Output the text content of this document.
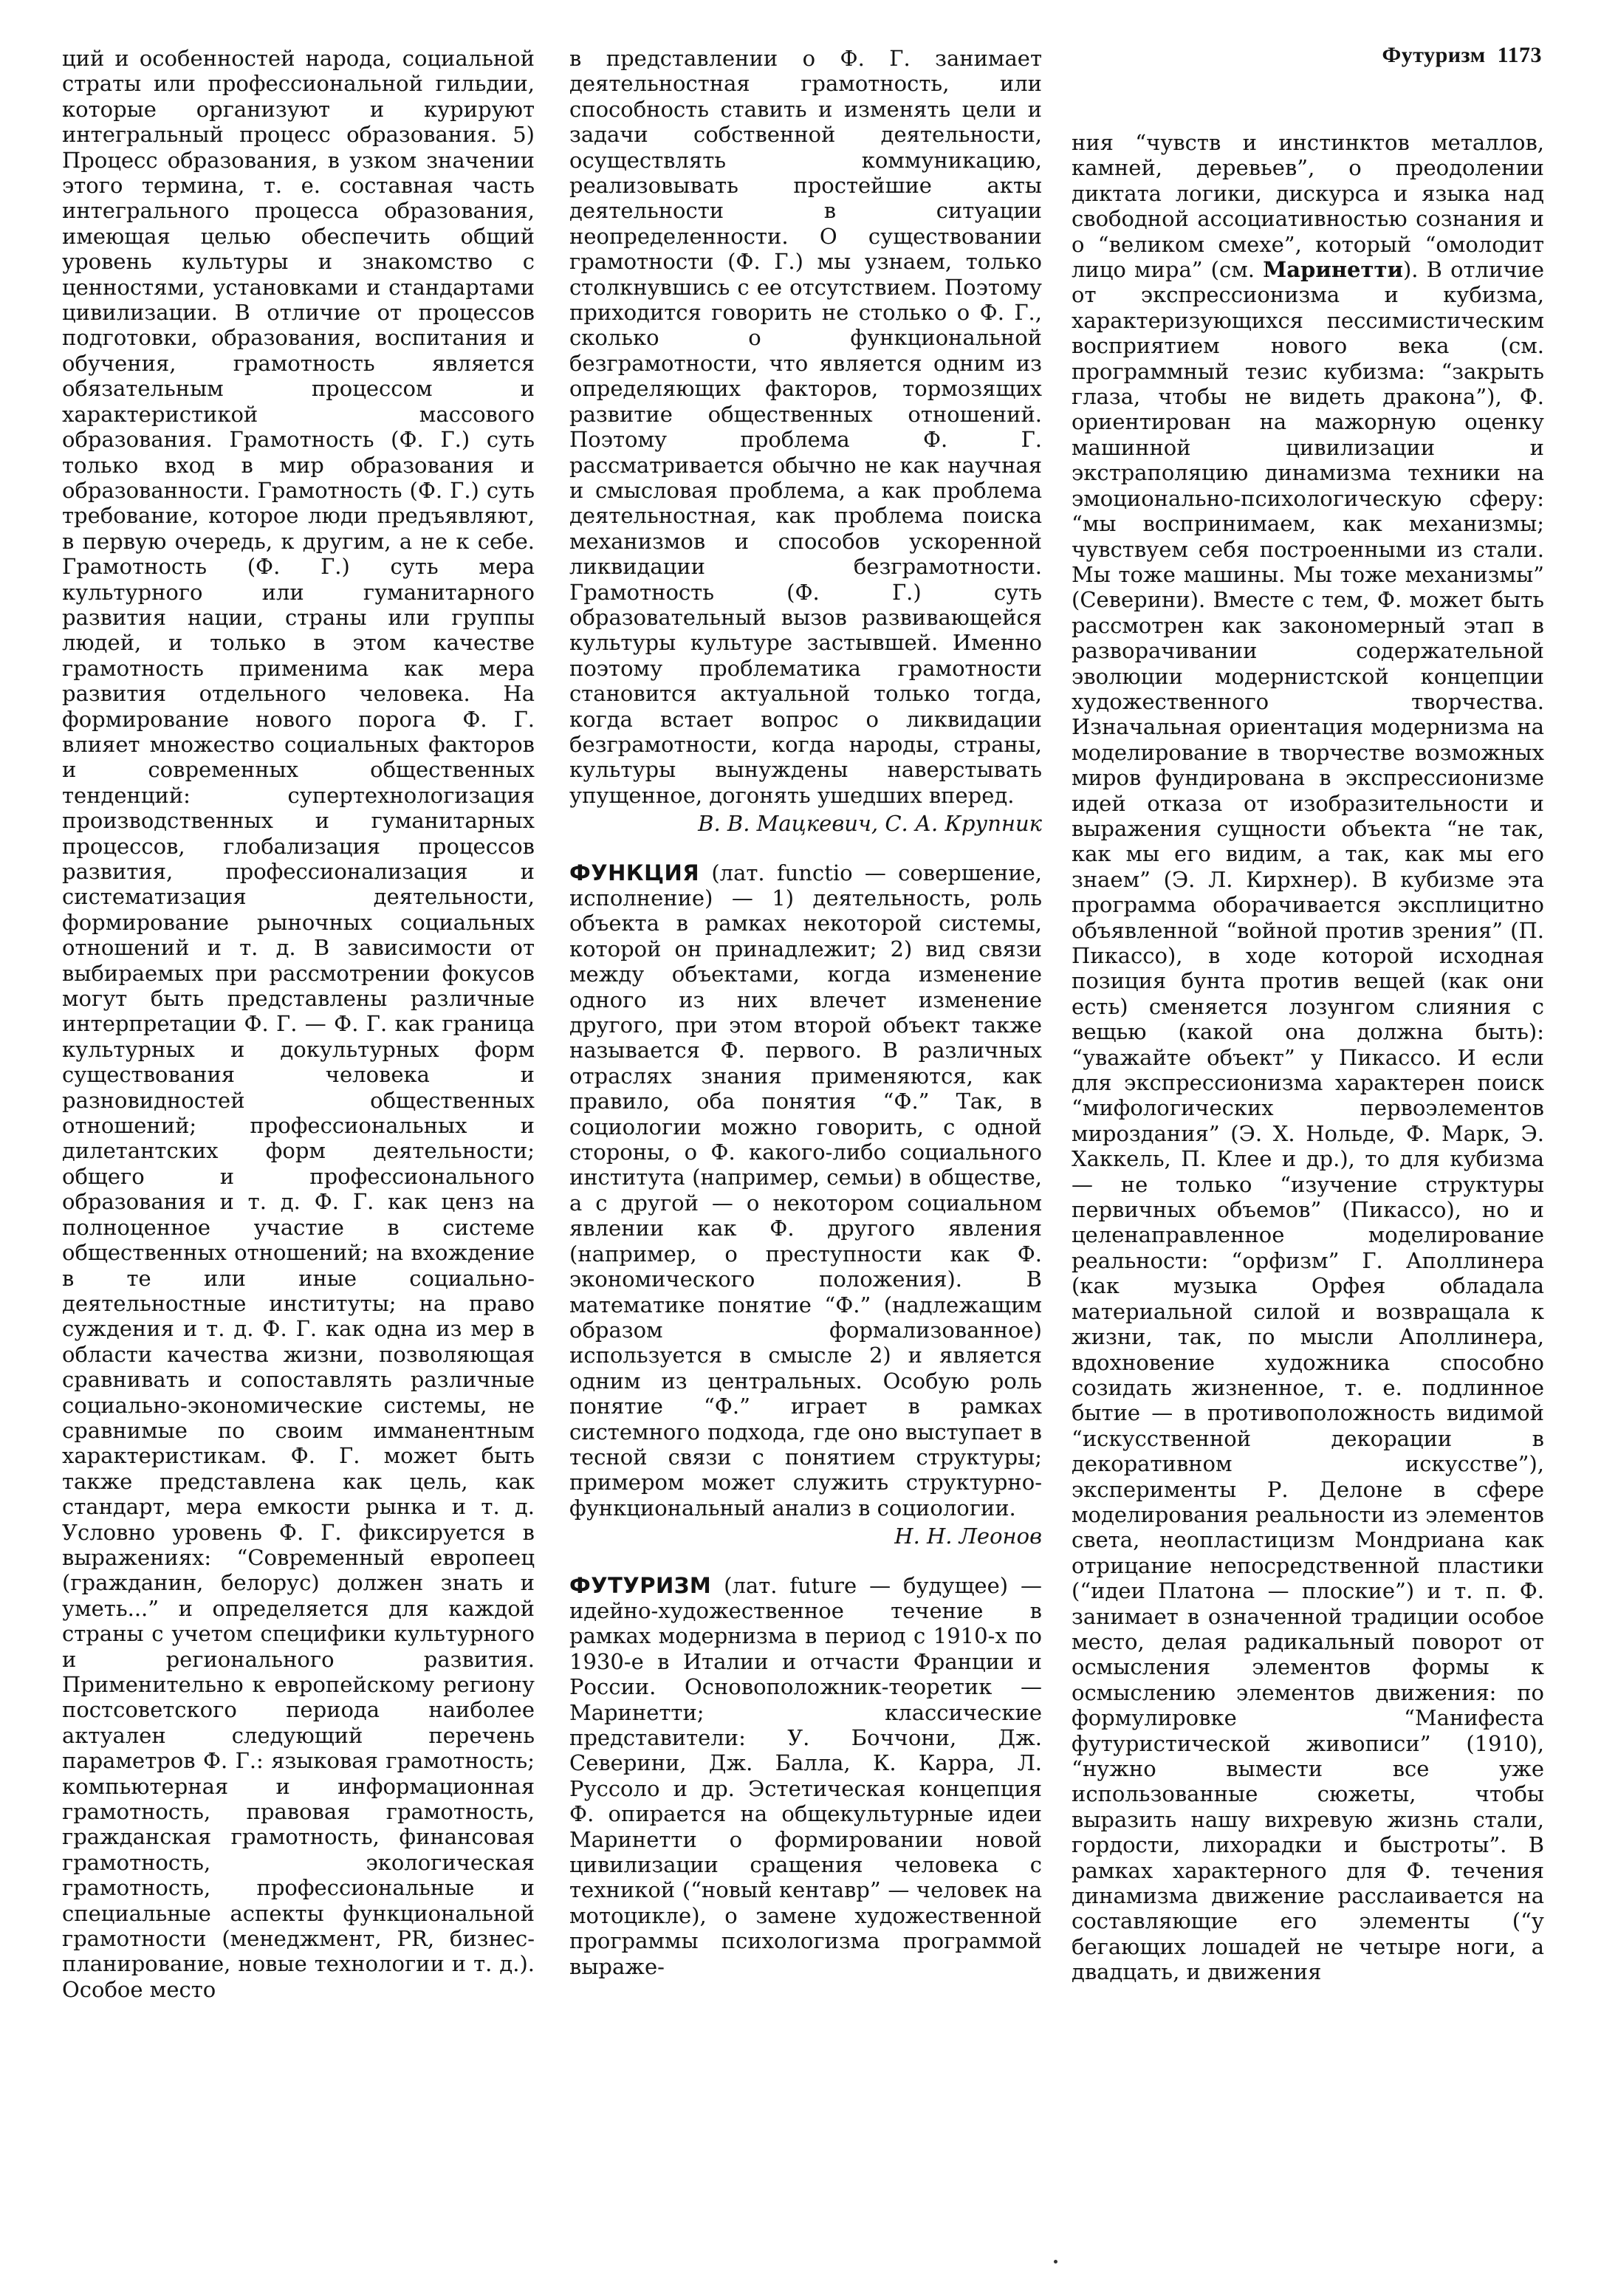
Футуризм 1173

ций и особенностей народа, социальной страты или профессиональной гильдии, которые организуют и курируют интегральный процесс образования. 5) Процесс образования, в узком значении этого термина, т. е. составная часть интегрального процесса образования, имеющая целью обеспечить общий уровень культуры и знакомство с ценностями, установками и стандартами цивилизации. В отличие от процессов подготовки, образования, воспитания и обучения, грамотность является обязательным процессом и характеристикой массового образования. Грамотность (Ф. Г.) суть только вход в мир образования и образованности. Грамотность (Ф. Г.) суть требование, которое люди предъявляют, в первую очередь, к другим, а не к себе. Грамотность (Ф. Г.) суть мера культурного или гуманитарного развития нации, страны или группы людей, и только в этом качестве грамотность применима как мера развития отдельного человека. На формирование нового порога Ф. Г. влияет множество социальных факторов и современных общественных тенденций: супертехнологизация производственных и гуманитарных процессов, глобализация процессов развития, профессионализация и систематизация деятельности, формирование рыночных социальных отношений и т. д. В зависимости от выбираемых при рассмотрении фокусов могут быть представлены различные интерпретации Ф. Г. — Ф. Г. как граница культурных и докультурных форм существования человека и разновидностей общественных отношений; профессиональных и дилетантских форм деятельности; общего и профессионального образования и т. д. Ф. Г. как ценз на полноценное участие в системе общественных отношений; на вхождение в те или иные социально-деятельностные институты; на право суждения и т. д. Ф. Г. как одна из мер в области качества жизни, позволяющая сравнивать и сопоставлять различные социально-экономические системы, не сравнимые по своим имманентным характеристикам. Ф. Г. может быть также представлена как цель, как стандарт, мера емкости рынка и т. д. Условно уровень Ф. Г. фиксируется в выражениях: “Современный европеец (гражданин, белорус) должен знать и уметь...” и определяется для каждой страны с учетом специфики культурного и регионального развития. Применительно к европейскому региону постсоветского периода наиболее актуален следующий перечень параметров Ф. Г.: языковая грамотность; компьютерная и информационная грамотность, правовая грамотность, гражданская грамотность, финансовая грамотность, экологическая грамотность, профессиональные и специальные аспекты функциональной грамотности (менеджмент, PR, бизнес-планирование, новые технологии и т. д.). Особое место

в представлении о Ф. Г. занимает деятельностная грамотность, или способность ставить и изменять цели и задачи собственной деятельности, осуществлять коммуникацию, реализовывать простейшие акты деятельности в ситуации неопределенности. О существовании грамотности (Ф. Г.) мы узнаем, только столкнувшись с ее отсутствием. Поэтому приходится говорить не столько о Ф. Г., сколько о функциональной безграмотности, что является одним из определяющих факторов, тормозящих развитие общественных отношений. Поэтому проблема Ф. Г. рассматривается обычно не как научная и смысловая проблема, а как проблема деятельностная, как проблема поиска механизмов и способов ускоренной ликвидации безграмотности. Грамотность (Ф. Г.) суть образовательный вызов развивающейся культуры культуре застывшей. Именно поэтому проблематика грамотности становится актуальной только тогда, когда встает вопрос о ликвидации безграмотности, когда народы, страны, культуры вынуждены наверстывать упущенное, догонять ушедших вперед.

В. В. Мацкевич, С. А. Крупник

ФУНКЦИЯ (лат. functio — совершение, исполнение) — 1) деятельность, роль объекта в рамках некоторой системы, которой он принадлежит; 2) вид связи между объектами, когда изменение одного из них влечет изменение другого, при этом второй объект также называется Ф. первого. В различных отраслях знания применяются, как правило, оба понятия “Ф.” Так, в социологии можно говорить, с одной стороны, о Ф. какого-либо социального института (например, семьи) в обществе, а с другой — о некотором социальном явлении как Ф. другого явления (например, о преступности как Ф. экономического положения). В математике понятие “Ф.” (надлежащим образом формализованное) используется в смысле 2) и является одним из центральных. Особую роль понятие “Ф.” играет в рамках системного подхода, где оно выступает в тесной связи с понятием структуры; примером может служить структурно-функциональный анализ в социологии.

Н. Н. Леонов

ФУТУРИЗМ (лат. future — будущее) — идейно-художественное течение в рамках модернизма в период с 1910-х по 1930-е в Италии и отчасти Франции и России. Основоположник-теоретик — Маринетти; классические представители: У. Боччони, Дж. Северини, Дж. Балла, К. Карра, Л. Руссоло и др. Эстетическая концепция Ф. опирается на общекультурные идеи Маринетти о формировании новой цивилизации сращения человека с техникой (“новый кентавр” — человек на мотоцикле), о замене художественной программы психологизма программой выраже-

ния “чувств и инстинктов металлов, камней, деревьев”, о преодолении диктата логики, дискурса и языка над свободной ассоциативностью сознания и о “великом смехе”, который “омолодит лицо мира” (см. Маринетти). В отличие от экспрессионизма и кубизма, характеризующихся пессимистическим восприятием нового века (см. программный тезис кубизма: “закрыть глаза, чтобы не видеть дракона”), Ф. ориентирован на мажорную оценку машинной цивилизации и экстраполяцию динамизма техники на эмоционально-психологическую сферу: “мы воспринимаем, как механизмы; чувствуем себя построенными из стали. Мы тоже машины. Мы тоже механизмы” (Северини). Вместе с тем, Ф. может быть рассмотрен как закономерный этап в разворачивании содержательной эволюции модернистской концепции художественного творчества. Изначальная ориентация модернизма на моделирование в творчестве возможных миров фундирована в экспрессионизме идей отказа от изобразительности и выражения сущности объекта “не так, как мы его видим, а так, как мы его знаем” (Э. Л. Кирхнер). В кубизме эта программа оборачивается эксплицитно объявленной “войной против зрения” (П. Пикассо), в ходе которой исходная позиция бунта против вещей (как они есть) сменяется лозунгом слияния с вещью (какой она должна быть): “уважайте объект” у Пикассо. И если для экспрессионизма характерен поиск “мифологических первоэлементов мироздания” (Э. Х. Нольде, Ф. Марк, Э. Хаккель, П. Клее и др.), то для кубизма — не только “изучение структуры первичных объемов” (Пикассо), но и целенаправленное моделирование реальности: “орфизм” Г. Аполлинера (как музыка Орфея обладала материальной силой и возвращала к жизни, так, по мысли Аполлинера, вдохновение художника способно созидать жизненное, т. е. подлинное бытие — в противоположность видимой “искусственной декорации в декоративном искусстве”), эксперименты Р. Делоне в сфере моделирования реальности из элементов света, неопластицизм Мондриана как отрицание непосредственной пластики (“идеи Платона — плоские”) и т. п. Ф. занимает в означенной традиции особое место, делая радикальный поворот от осмысления элементов формы к осмыслению элементов движения: по формулировке “Манифеста футуристической живописи” (1910), “нужно вымести все уже использованные сюжеты, чтобы выразить нашу вихревую жизнь стали, гордости, лихорадки и быстроты”. В рамках характерного для Ф. течения динамизма движение расслаивается на составляющие его элементы (“у бегающих лошадей не четыре ноги, а двадцать, и движения
